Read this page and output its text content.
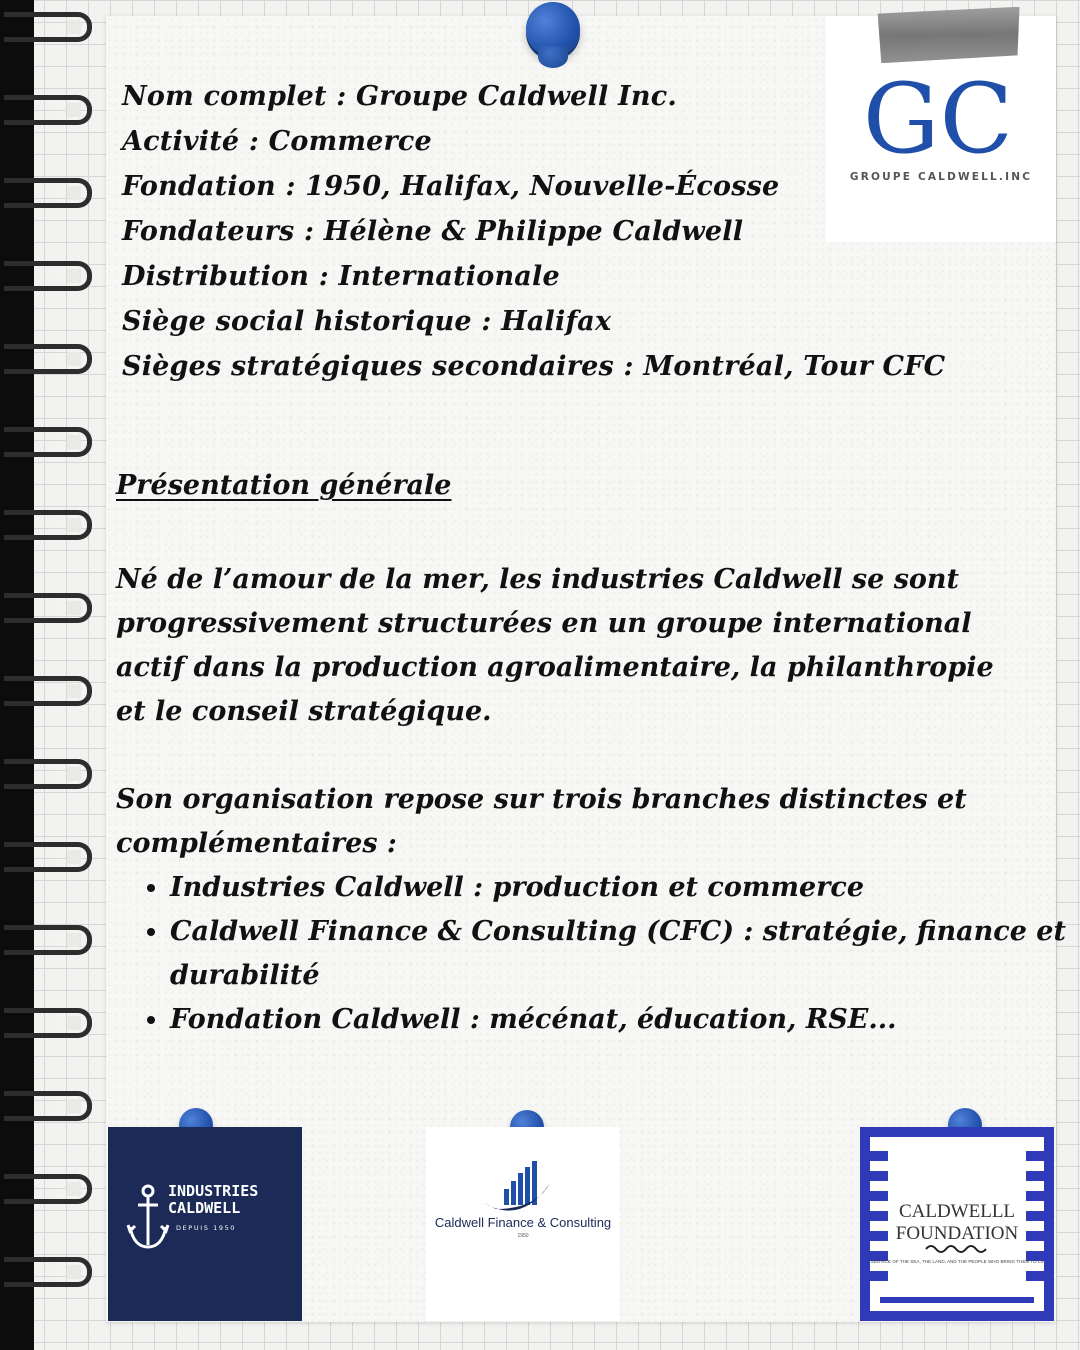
GC
GROUPE CALDWELL.INC
Nom complet : Groupe Caldwell Inc.
Activité : Commerce
Fondation : 1950, Halifax, Nouvelle-Écosse
Fondateurs : Hélène & Philippe Caldwell
Distribution : Internationale
Siège social historique : Halifax
Sièges stratégiques secondaires : Montréal, Tour CFC
Présentation générale

Né de l’amour de la mer, les industries Caldwell se sont progressivement structurées en un groupe international actif dans la production agroalimentaire, la philanthropie et le conseil stratégique.

Son organisation repose sur trois branches distinctes et complémentaires :

• Industries Caldwell : production et commerce
• Caldwell Finance & Consulting (CFC) : stratégie, finance et durabilité
• Fondation Caldwell : mécénat, éducation, RSE...
INDUSTRIES
CALDWELL
DEPUIS 1950	Caldwell Finance & Consulting
1950
CALDWELLL
FOUNDATION
IN SERVICE OF THE SEA, THE LAND, AND THE PEOPLE WHO BRING THEM TO LIFE.
